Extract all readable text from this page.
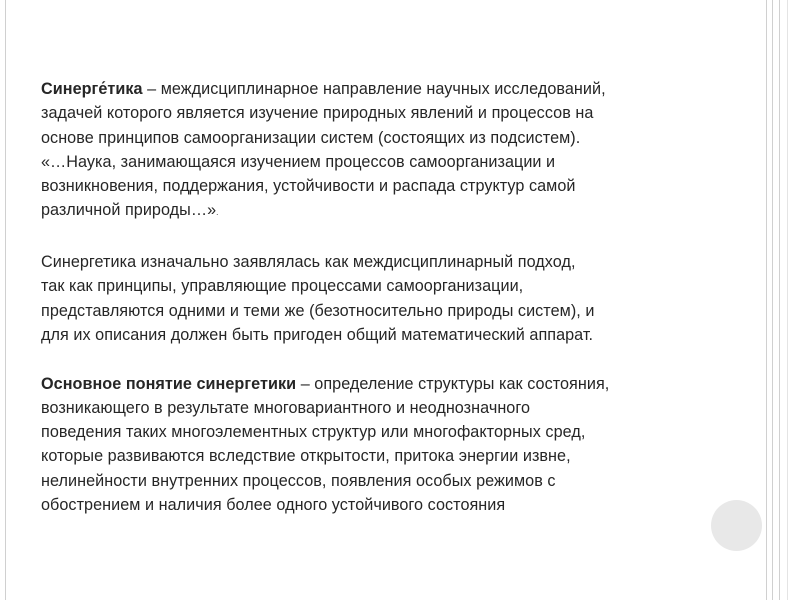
Синерге́тика – междисциплинарное направление научных исследований,
задачей которого является изучение природных явлений и процессов на
основе принципов самоорганизации систем (состоящих из подсистем).
«…Наука, занимающаяся изучением процессов самоорганизации и
возникновения, поддержания, устойчивости и распада структур самой
различной природы…».

Синергетика изначально заявлялась как междисциплинарный подход,
так как принципы, управляющие процессами самоорганизации,
представляются одними и теми же (безотносительно природы систем), и
для их описания должен быть пригоден общий математический аппарат.

Основное понятие синергетики – определение структуры как состояния,
возникающего в результате многовариантного и неоднозначного
поведения таких многоэлементных структур или многофакторных сред,
которые развиваются вследствие открытости, притока энергии извне,
нелинейности внутренних процессов, появления особых режимов с
обострением и наличия более одного устойчивого состояния
